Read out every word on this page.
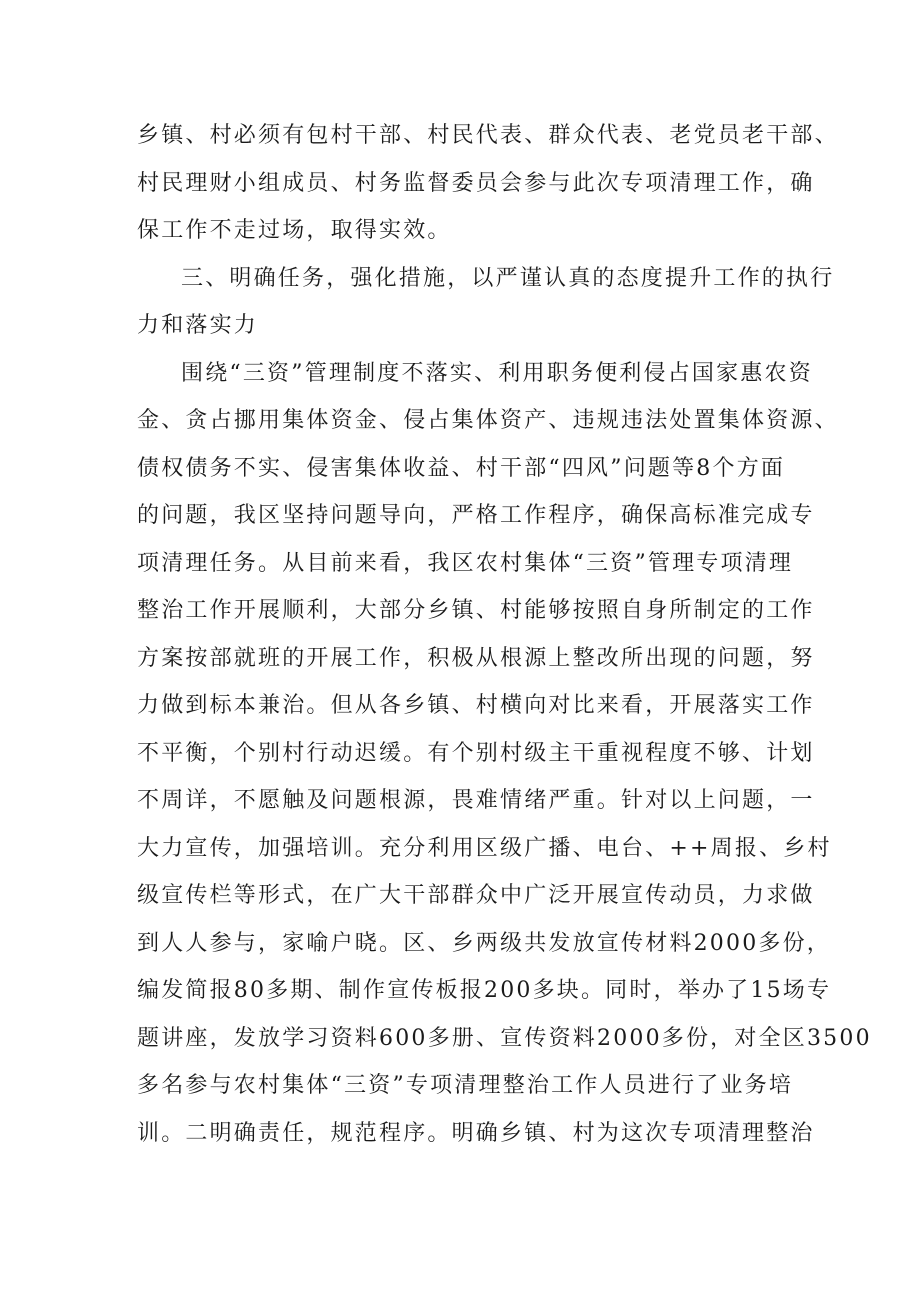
乡镇、村必须有包村干部、村民代表、群众代表、老党员老干部、
村民理财小组成员、村务监督委员会参与此次专项清理工作，确
保工作不走过场，取得实效。
三、明确任务，强化措施，以严谨认真的态度提升工作的执行
力和落实力
围绕“三资”管理制度不落实、利用职务便利侵占国家惠农资
金、贪占挪用集体资金、侵占集体资产、违规违法处置集体资源、
债权债务不实、侵害集体收益、村干部“四风”问题等8个方面
的问题，我区坚持问题导向，严格工作程序，确保高标准完成专
项清理任务。从目前来看，我区农村集体“三资”管理专项清理
整治工作开展顺利，大部分乡镇、村能够按照自身所制定的工作
方案按部就班的开展工作，积极从根源上整改所出现的问题，努
力做到标本兼治。但从各乡镇、村横向对比来看，开展落实工作
不平衡，个别村行动迟缓。有个别村级主干重视程度不够、计划
不周详，不愿触及问题根源，畏难情绪严重。针对以上问题，一
大力宣传，加强培训。充分利用区级广播、电台、++周报、乡村
级宣传栏等形式，在广大干部群众中广泛开展宣传动员，力求做
到人人参与，家喻户晓。区、乡两级共发放宣传材料2000多份，
编发简报80多期、制作宣传板报200多块。同时，举办了15场专
题讲座，发放学习资料600多册、宣传资料2000多份，对全区3500
多名参与农村集体“三资”专项清理整治工作人员进行了业务培
训。二明确责任，规范程序。明确乡镇、村为这次专项清理整治
